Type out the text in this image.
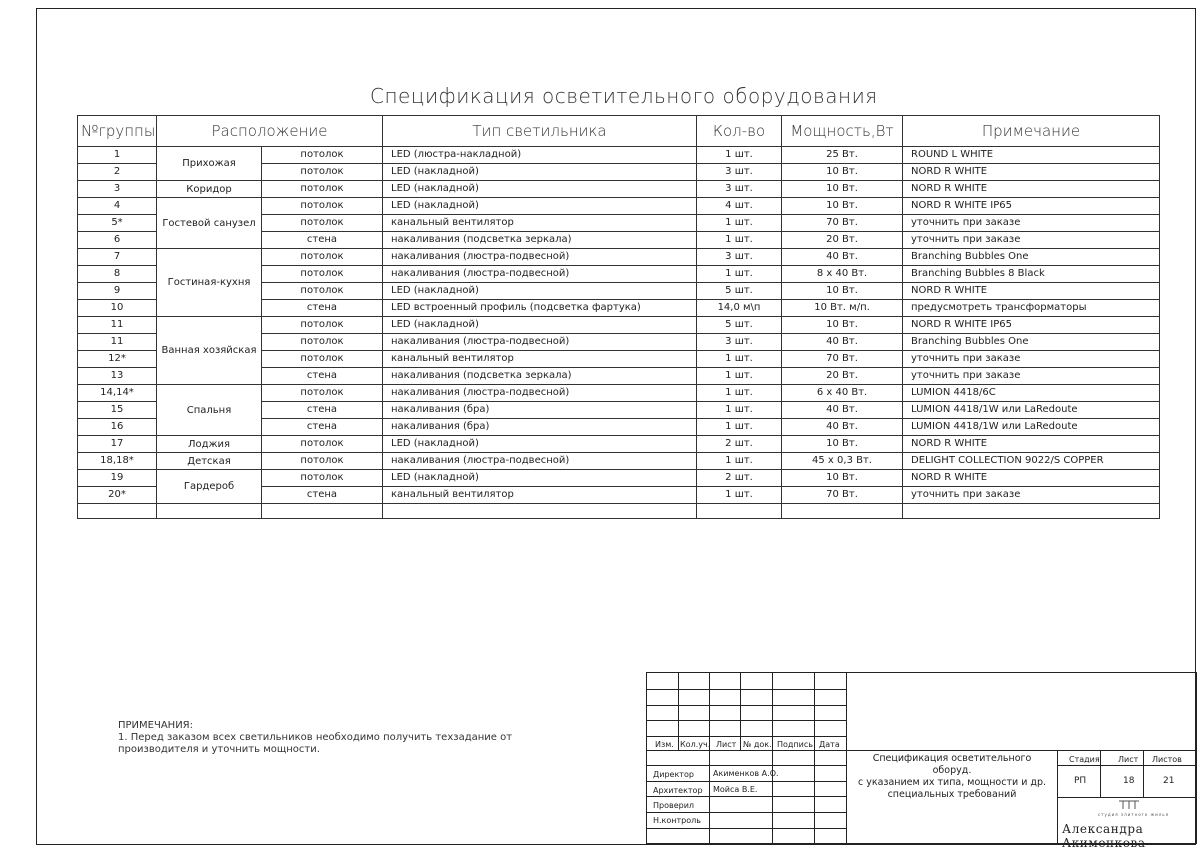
Спецификация осветительного оборудования
№группы	Расположение		Тип светильника	Кол-во	Мощность,Вт	Примечание
1	Прихожая	потолок	LED (люстра-накладной)	1 шт.	25 Вт.	ROUND L WHITE
2		потолок	LED (накладной)	3 шт.	10 Вт.	NORD R WHITE
3	Коридор	потолок	LED (накладной)	3 шт.	10 Вт.	NORD R WHITE
4	Гостевой санузел	потолок	LED (накладной)	4 шт.	10 Вт.	NORD R WHITE IP65
5*		потолок	канальный вентилятор	1 шт.	70 Вт.	уточнить при заказе
6		стена	накаливания (подсветка зеркала)	1 шт.	20 Вт.	уточнить при заказе
7	Гостиная-кухня	потолок	накаливания (люстра-подвесной)	3 шт.	40 Вт.	Branching Bubbles One
8		потолок	накаливания (люстра-подвесной)	1 шт.	8 x 40 Вт.	Branching Bubbles 8 Black
9		потолок	LED (накладной)	5 шт.	10 Вт.	NORD R WHITE
10		стена	LED встроенный профиль (подсветка фартука)	14,0 м\п	10 Вт. м/п.	предусмотреть трансформаторы
11	Ванная хозяйская	потолок	LED (накладной)	5 шт.	10 Вт.	NORD R WHITE IP65
11		потолок	накаливания (люстра-подвесной)	3 шт.	40 Вт.	Branching Bubbles One
12*		потолок	канальный вентилятор	1 шт.	70 Вт.	уточнить при заказе
13		стена	накаливания (подсветка зеркала)	1 шт.	20 Вт.	уточнить при заказе
14,14*	Спальня	потолок	накаливания (люстра-подвесной)	1 шт.	6 x 40 Вт.	LUMION 4418/6C
15		стена	накаливания (бра)	1 шт.	40 Вт.	LUMION 4418/1W или LaRedoute
16		стена	накаливания (бра)	1 шт.	40 Вт.	LUMION 4418/1W или LaRedoute
17	Лоджия	потолок	LED (накладной)	2 шт.	10 Вт.	NORD R WHITE
18,18*	Детская	потолок	накаливания (люстра-подвесной)	1 шт.	45 x 0,3 Вт.	DELIGHT COLLECTION 9022/S COPPER
19	Гардероб	потолок	LED (накладной)	2 шт.	10 Вт.	NORD R WHITE
20*		стена	канальный вентилятор	1 шт.	70 Вт.	уточнить при заказе

ПРИМЕЧАНИЯ:
1. Перед заказом всех светильников необходимо получить техзадание от
производителя и уточнить мощности.	Изм. Кол.уч. Лист № док. Подпись Дата
Директор Акименков А.О.
Архитектор Мойса В.Е.
Проверил
Н.контроль
Спецификация осветительного оборуд.
с указанием их типа, мощности и др.
специальных требований
Стадия Лист Листов
РП	18	21
студия элитного жилья
Александра Акименкова
